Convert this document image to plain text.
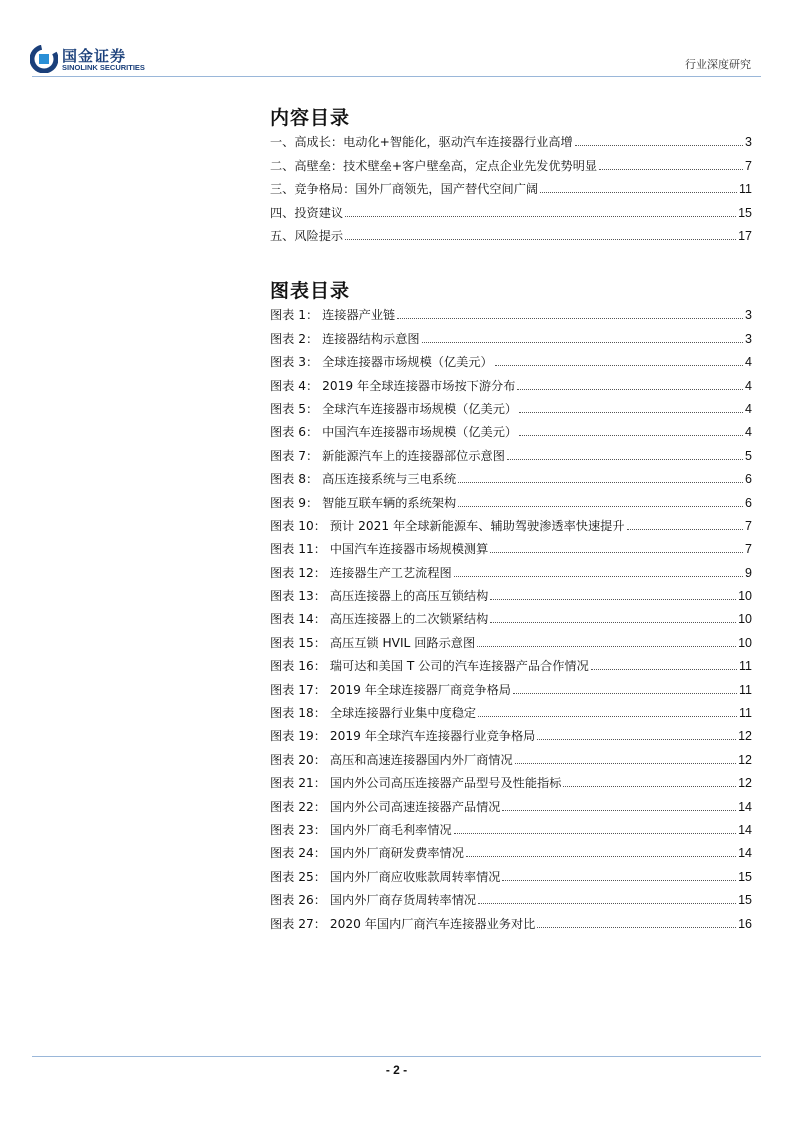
国金证券
SINOLINK SECURITIES	行业深度研究
内容目录
一、高成长：电动化+智能化，驱动汽车连接器行业高增	3
二、高壁垒：技术壁垒+客户壁垒高，定点企业先发优势明显	7
三、竞争格局：国外厂商领先，国产替代空间广阔	11
四、投资建议	15
五、风险提示	17
图表目录
图表 1： 连接器产业链	3
图表 2： 连接器结构示意图	3
图表 3： 全球连接器市场规模（亿美元）	4
图表 4： 2019 年全球连接器市场按下游分布	4
图表 5： 全球汽车连接器市场规模（亿美元）	4
图表 6： 中国汽车连接器市场规模（亿美元）	4
图表 7： 新能源汽车上的连接器部位示意图	5
图表 8： 高压连接系统与三电系统	6
图表 9： 智能互联车辆的系统架构	6
图表 10： 预计 2021 年全球新能源车、辅助驾驶渗透率快速提升	7
图表 11： 中国汽车连接器市场规模测算	7
图表 12： 连接器生产工艺流程图	9
图表 13： 高压连接器上的高压互锁结构	10
图表 14： 高压连接器上的二次锁紧结构	10
图表 15： 高压互锁 HVIL 回路示意图	10
图表 16： 瑞可达和美国 T 公司的汽车连接器产品合作情况	11
图表 17： 2019 年全球连接器厂商竞争格局	11
图表 18： 全球连接器行业集中度稳定	11
图表 19： 2019 年全球汽车连接器行业竞争格局	12
图表 20： 高压和高速连接器国内外厂商情况	12
图表 21： 国内外公司高压连接器产品型号及性能指标	12
图表 22： 国内外公司高速连接器产品情况	14
图表 23： 国内外厂商毛利率情况	14
图表 24： 国内外厂商研发费率情况	14
图表 25： 国内外厂商应收账款周转率情况	15
图表 26： 国内外厂商存货周转率情况	15
图表 27： 2020 年国内厂商汽车连接器业务对比	16
- 2 -
